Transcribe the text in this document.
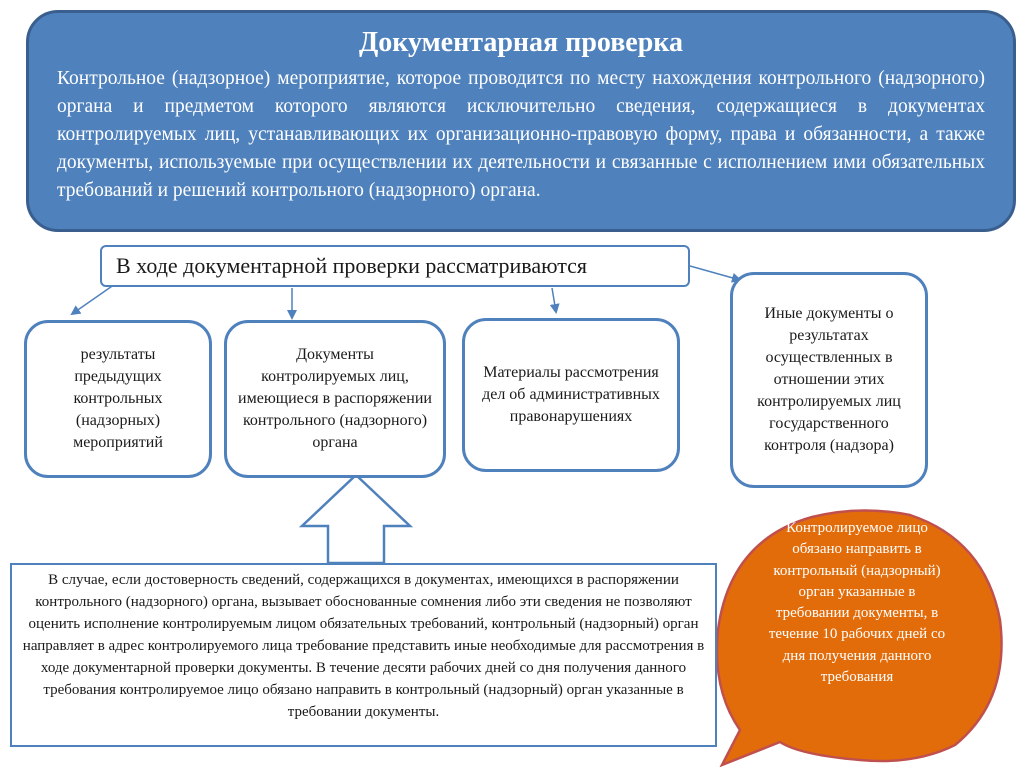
Документарная проверка
Контрольное (надзорное) мероприятие, которое проводится по месту нахождения контрольного (надзорного) органа и предметом которого являются исключительно сведения, содержащиеся в документах контролируемых лиц, устанавливающих их организационно-правовую форму, права и обязанности, а также документы, используемые при осуществлении их деятельности и связанные с исполнением ими обязательных требований и решений контрольного (надзорного) органа.
В ходе документарной проверки рассматриваются
результаты предыдущих контрольных (надзорных) мероприятий
Документы контролируемых лиц, имеющиеся в распоряжении контрольного (надзорного) органа
Материалы рассмотрения дел об административных правонарушениях
Иные документы о результатах осуществленных в отношении этих контролируемых лиц государственного контроля (надзора)
В случае, если достоверность сведений, содержащихся в документах, имеющихся в распоряжении контрольного (надзорного) органа, вызывает обоснованные сомнения либо эти сведения не позволяют оценить исполнение контролируемым лицом обязательных требований, контрольный (надзорный) орган направляет в адрес контролируемого лица требование представить иные необходимые для рассмотрения в ходе документарной проверки документы. В течение десяти рабочих дней со дня получения данного требования контролируемое лицо обязано направить в контрольный (надзорный) орган указанные в требовании документы.
Контролируемое лицо обязано направить в контрольный (надзорный) орган указанные в требовании документы, в течение 10 рабочих дней со дня получения данного требования
